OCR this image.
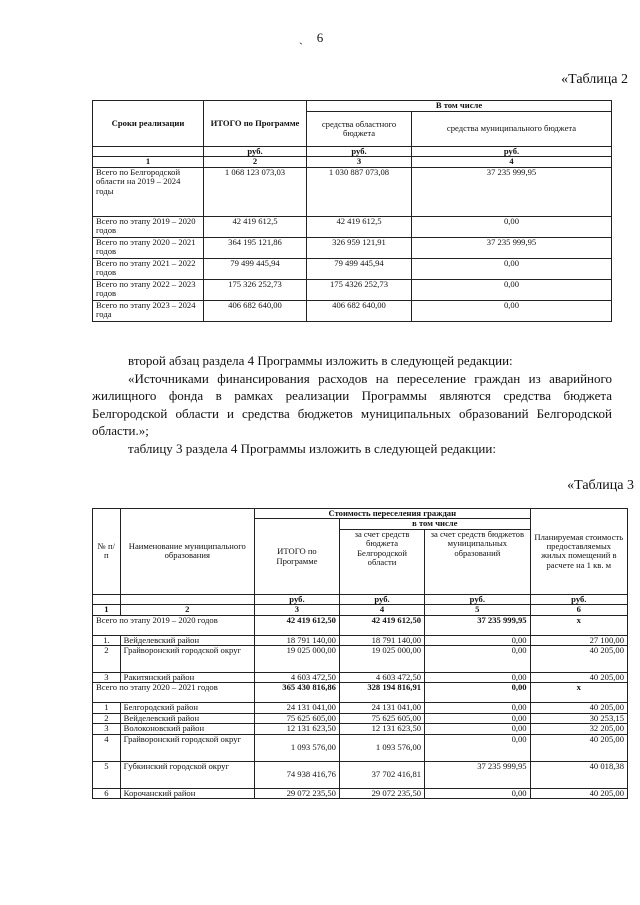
6
ˋ
«Таблица 2
Сроки реализации	ИТОГО по Программе	В том числе	
		средства областного бюджета	средства муниципального бюджета
	руб.	руб.	руб.
1	2	3	4
Всего по Белгородской области на 2019 – 2024 годы	1 068 123 073,03	1 030 887 073,08	37 235 999,95
Всего по этапу 2019 – 2020 годов	42 419 612,5	42 419 612,5	0,00
Всего по этапу 2020 – 2021 годов	364 195 121,86	326 959 121,91	37 235 999,95
Всего по этапу 2021 – 2022 годов	79 499 445,94	79 499 445,94	0,00
Всего по этапу 2022 – 2023 годов	175 326 252,73	175 4326 252,73	0,00
Всего по этапу 2023 – 2024 года	406 682 640,00	406 682 640,00	0,00

второй абзац раздела 4 Программы изложить в следующей редакции:

«Источниками финансирования расходов на переселение граждан из аварийного жилищного фонда в рамках реализации Программы являются средства бюджета Белгородской области и средства бюджетов муниципальных образований Белгородской области.»;

таблицу 3 раздела 4 Программы изложить в следующей редакции:

«Таблица 3
№ п/п	Наименование муниципального образования	Стоимость переселения граждан			Планируемая стоимость предоставляемых жилых помещений в расчете на 1 кв. м
		ИТОГО по Программе	в том числе		
			за счет средств бюджета Белгородской области	за счет средств бюджетов муниципальных образований	
		руб.	руб.	руб.	руб.
1	2	3	4	5	6
Всего по этапу 2019 – 2020 годов		42 419 612,50	42 419 612,50	37 235 999,95	х
1.	Вейделевский район	18 791 140,00	18 791 140,00	0,00	27 100,00
2	Грайворонский городской округ	19 025 000,00	19 025 000,00	0,00	40 205,00
3	Ракитянский район	4 603 472,50	4 603 472,50	0,00	40 205,00
Всего по этапу 2020 – 2021 годов		365 430 816,86	328 194 816,91	0,00	х
1	Белгородский район	24 131 041,00	24 131 041,00	0,00	40 205,00
2	Вейделевский район	75 625 605,00	75 625 605,00	0,00	30 253,15
3	Волоконовский район	12 131 623,50	12 131 623,50	0,00	32 205,00
4	Грайворонский городской округ	1 093 576,00	1 093 576,00	0,00	40 205,00
5	Губкинский городской округ	74 938 416,76	37 702 416,81	37 235 999,95	40 018,38
6	Корочанский район	29 072 235,50	29 072 235,50	0,00	40 205,00
